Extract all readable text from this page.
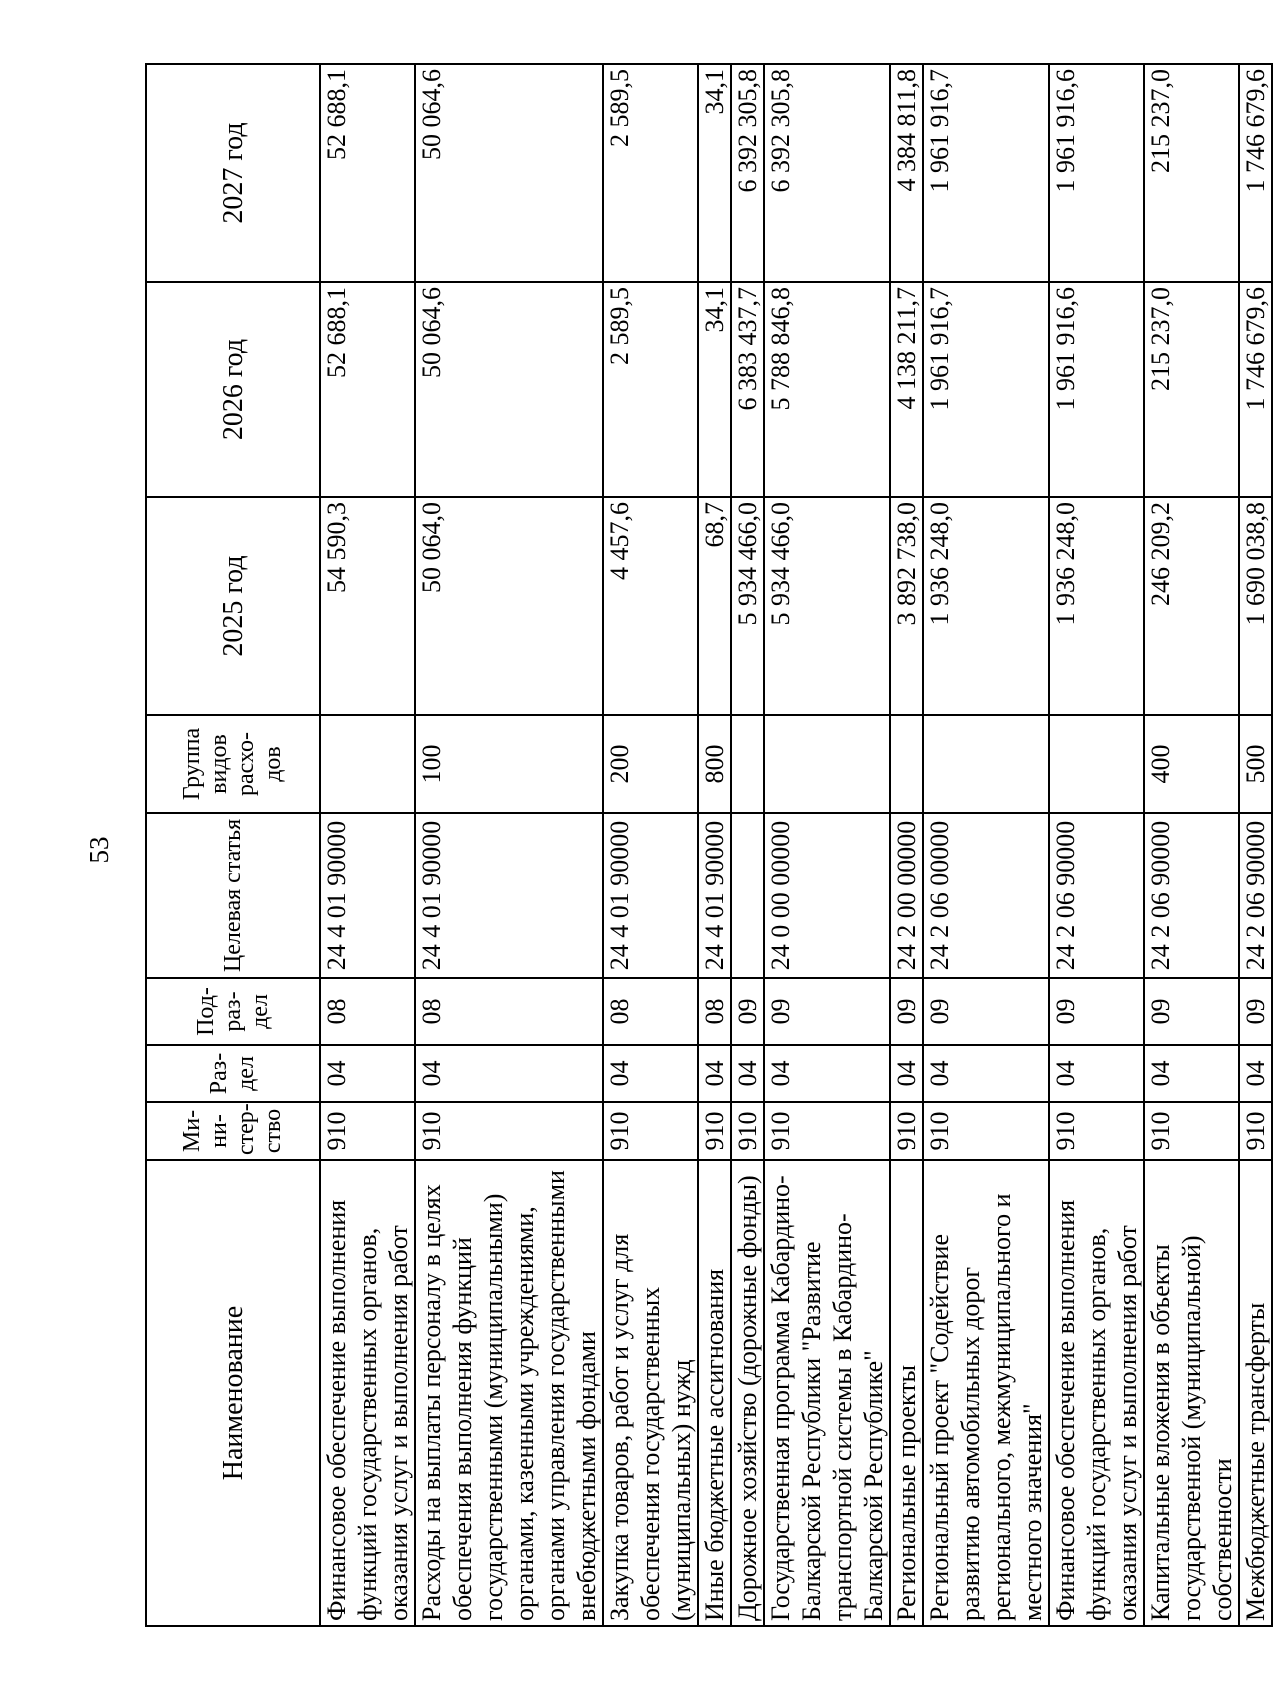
53
Наименование	Ми-ни-стер-ство	Раз-дел	Под-раз-дел	Целевая статья	Группа видов расхо-дов	2025 год	2026 год	2027 год
Финансовое обеспечение выполнения функций государственных органов, оказания услуг и выполнения работ	910	04	08	24 4 01 90000		54 590,3	52 688,1	52 688,1
Расходы на выплаты персоналу в целях обеспечения выполнения функций государственными (муниципальными) органами, казенными учреждениями, органами управления государственными внебюджетными фондами	910	04	08	24 4 01 90000	100	50 064,0	50 064,6	50 064,6
Закупка товаров, работ и услуг для обеспечения государственных (муниципальных) нужд	910	04	08	24 4 01 90000	200	4 457,6	2 589,5	2 589,5
Иные бюджетные ассигнования	910	04	08	24 4 01 90000	800	68,7	34,1	34,1
Дорожное хозяйство (дорожные фонды)	910	04	09			5 934 466,0	6 383 437,7	6 392 305,8
Государственная программа Кабардино-Балкарской Республики "Развитие транспортной системы в Кабардино-Балкарской Республике"	910	04	09	24 0 00 00000		5 934 466,0	5 788 846,8	6 392 305,8
Региональные проекты	910	04	09	24 2 00 00000		3 892 738,0	4 138 211,7	4 384 811,8
Региональный проект "Содействие развитию автомобильных дорог регионального, межмуниципального и местного значения"	910	04	09	24 2 06 00000		1 936 248,0	1 961 916,7	1 961 916,7
Финансовое обеспечение выполнения функций государственных органов, оказания услуг и выполнения работ	910	04	09	24 2 06 90000		1 936 248,0	1 961 916,6	1 961 916,6
Капитальные вложения в объекты государственной (муниципальной) собственности	910	04	09	24 2 06 90000	400	246 209,2	215 237,0	215 237,0
Межбюджетные трансферты	910	04	09	24 2 06 90000	500	1 690 038,8	1 746 679,6	1 746 679,6
